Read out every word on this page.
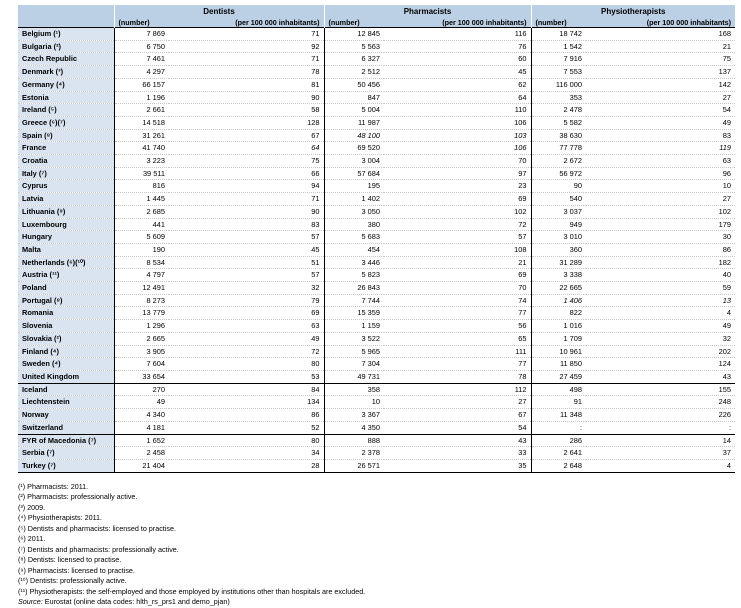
	Dentists		Pharmacists		Physiotherapists	
	(number)	(per 100 000 inhabitants)	(number)	(per 100 000 inhabitants)	(number)	(per 100 000 inhabitants)
Belgium (¹)	7 869	71	12 845	116	18 742	168
Bulgaria (²)	6 750	92	5 563	76	1 542	21
Czech Republic	7 461	71	6 327	60	7 916	75
Denmark (³)	4 297	78	2 512	45	7 553	137
Germany (⁴)	66 157	81	50 456	62	116 000	142
Estonia	1 196	90	847	64	353	27
Ireland (⁵)	2 661	58	5 004	110	2 478	54
Greece (⁶)(⁷)	14 518	128	11 987	106	5 582	49
Spain (⁸)	31 261	67	48 100	103	38 630	83
France	41 740	64	69 520	106	77 778	119
Croatia	3 223	75	3 004	70	2 672	63
Italy (⁷)	39 511	66	57 684	97	56 972	96
Cyprus	816	94	195	23	90	10
Latvia	1 445	71	1 402	69	540	27
Lithuania (⁹)	2 685	90	3 050	102	3 037	102
Luxembourg	441	83	380	72	949	179
Hungary	5 609	57	5 683	57	3 010	30
Malta	190	45	454	108	360	86
Netherlands (⁶)(¹⁰)	8 534	51	3 446	21	31 289	182
Austria (¹¹)	4 797	57	5 823	69	3 338	40
Poland	12 491	32	26 843	70	22 665	59
Portugal (⁸)	8 273	79	7 744	74	1 406	13
Romania	13 779	69	15 359	77	822	4
Slovenia	1 296	63	1 159	56	1 016	49
Slovakia (²)	2 665	49	3 522	65	1 709	32
Finland (⁴)	3 905	72	5 965	111	10 961	202
Sweden (⁴)	7 604	80	7 304	77	11 850	124
United Kingdom	33 654	53	49 731	78	27 459	43
Iceland	270	84	358	112	498	155
Liechtenstein	49	134	10	27	91	248
Norway	4 340	86	3 367	67	11 348	226
Switzerland	4 181	52	4 350	54	:	:
FYR of Macedonia (⁷)	1 652	80	888	43	286	14
Serbia (⁷)	2 458	34	2 378	33	2 641	37
Turkey (⁷)	21 404	28	26 571	35	2 648	4
(¹) Pharmacists: 2011.
(²) Pharmacists: professionally active.
(³) 2009.
(⁴) Physiotherapists: 2011.
(⁵) Dentists and pharmacists: licensed to practise.
(⁶) 2011.
(⁷) Dentists and pharmacists: professionally active.
(⁸) Dentists: licensed to practise.
(⁹) Pharmacists: licensed to practise.
(¹⁰) Dentists: professionally active.
(¹¹) Physiotherapists: the self-employed and those employed by institutions other than hospitals are excluded.
Source: Eurostat (online data codes: hlth_rs_prs1 and demo_pjan)
